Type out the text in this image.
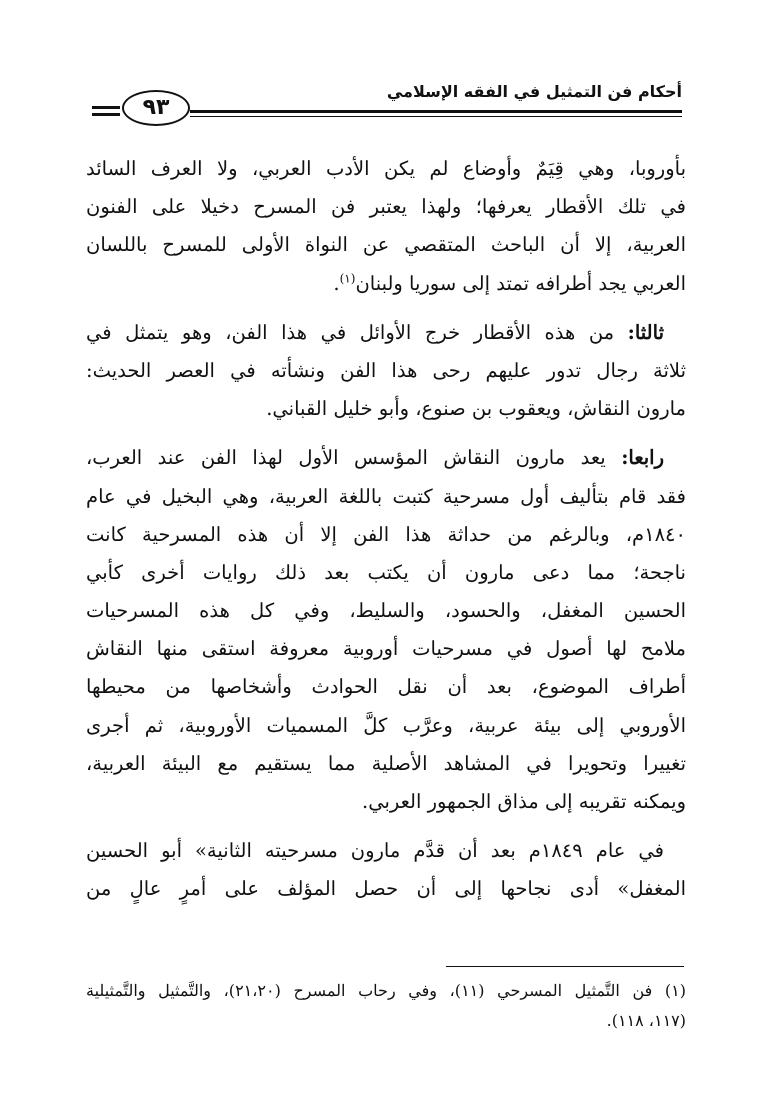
أحكام فن التمثيل في الفقه الإسلامي
٩٣
بأوروبا، وهي قِيَمٌ وأوضاع لم يكن الأدب العربي، ولا العرف السائد
في تلك الأقطار يعرفها؛ ولهذا يعتبر فن المسرح دخيلا على الفنون
العربية، إلا أن الباحث المتقصي عن النواة الأولى للمسرح باللسان
العربي يجد أطرافه تمتد إلى سوريا ولبنان$^{(١)}$.
ثالثا: من هذه الأقطار خرج الأوائل في هذا الفن، وهو يتمثل في
ثلاثة رجال تدور عليهم رحى هذا الفن ونشأته في العصر الحديث:
مارون النقاش، ويعقوب بن صنوع، وأبو خليل القباني.
رابعا: يعد مارون النقاش المؤسس الأول لهذا الفن عند العرب،
فقد قام بتأليف أول مسرحية كتبت باللغة العربية، وهي البخيل في عام
١٨٤٠م، وبالرغم من حداثة هذا الفن إلا أن هذه المسرحية كانت
ناجحة؛ مما دعى مارون أن يكتب بعد ذلك روايات أخرى كأبي
الحسين المغفل، والحسود، والسليط، وفي كل هذه المسرحيات
ملامح لها أصول في مسرحيات أوروبية معروفة استقى منها النقاش
أطراف الموضوع، بعد أن نقل الحوادث وأشخاصها من محيطها
الأوروبي إلى بيئة عربية، وعرَّب كلَّ المسميات الأوروبية، ثم أجرى
تغييرا وتحويرا في المشاهد الأصلية مما يستقيم مع البيئة العربية،
ويمكنه تقريبه إلى مذاق الجمهور العربي.
في عام ١٨٤٩م بعد أن قدَّم مارون مسرحيته الثانية» أبو الحسين
المغفل» أدى نجاحها إلى أن حصل المؤلف على أمرٍ عالٍ من
(١) فن التَّمثيل المسرحي (١١)، وفي رحاب المسرح (٢١،٢٠)، والتَّمثيل والتَّمثيلية
(١١٧، ١١٨).
